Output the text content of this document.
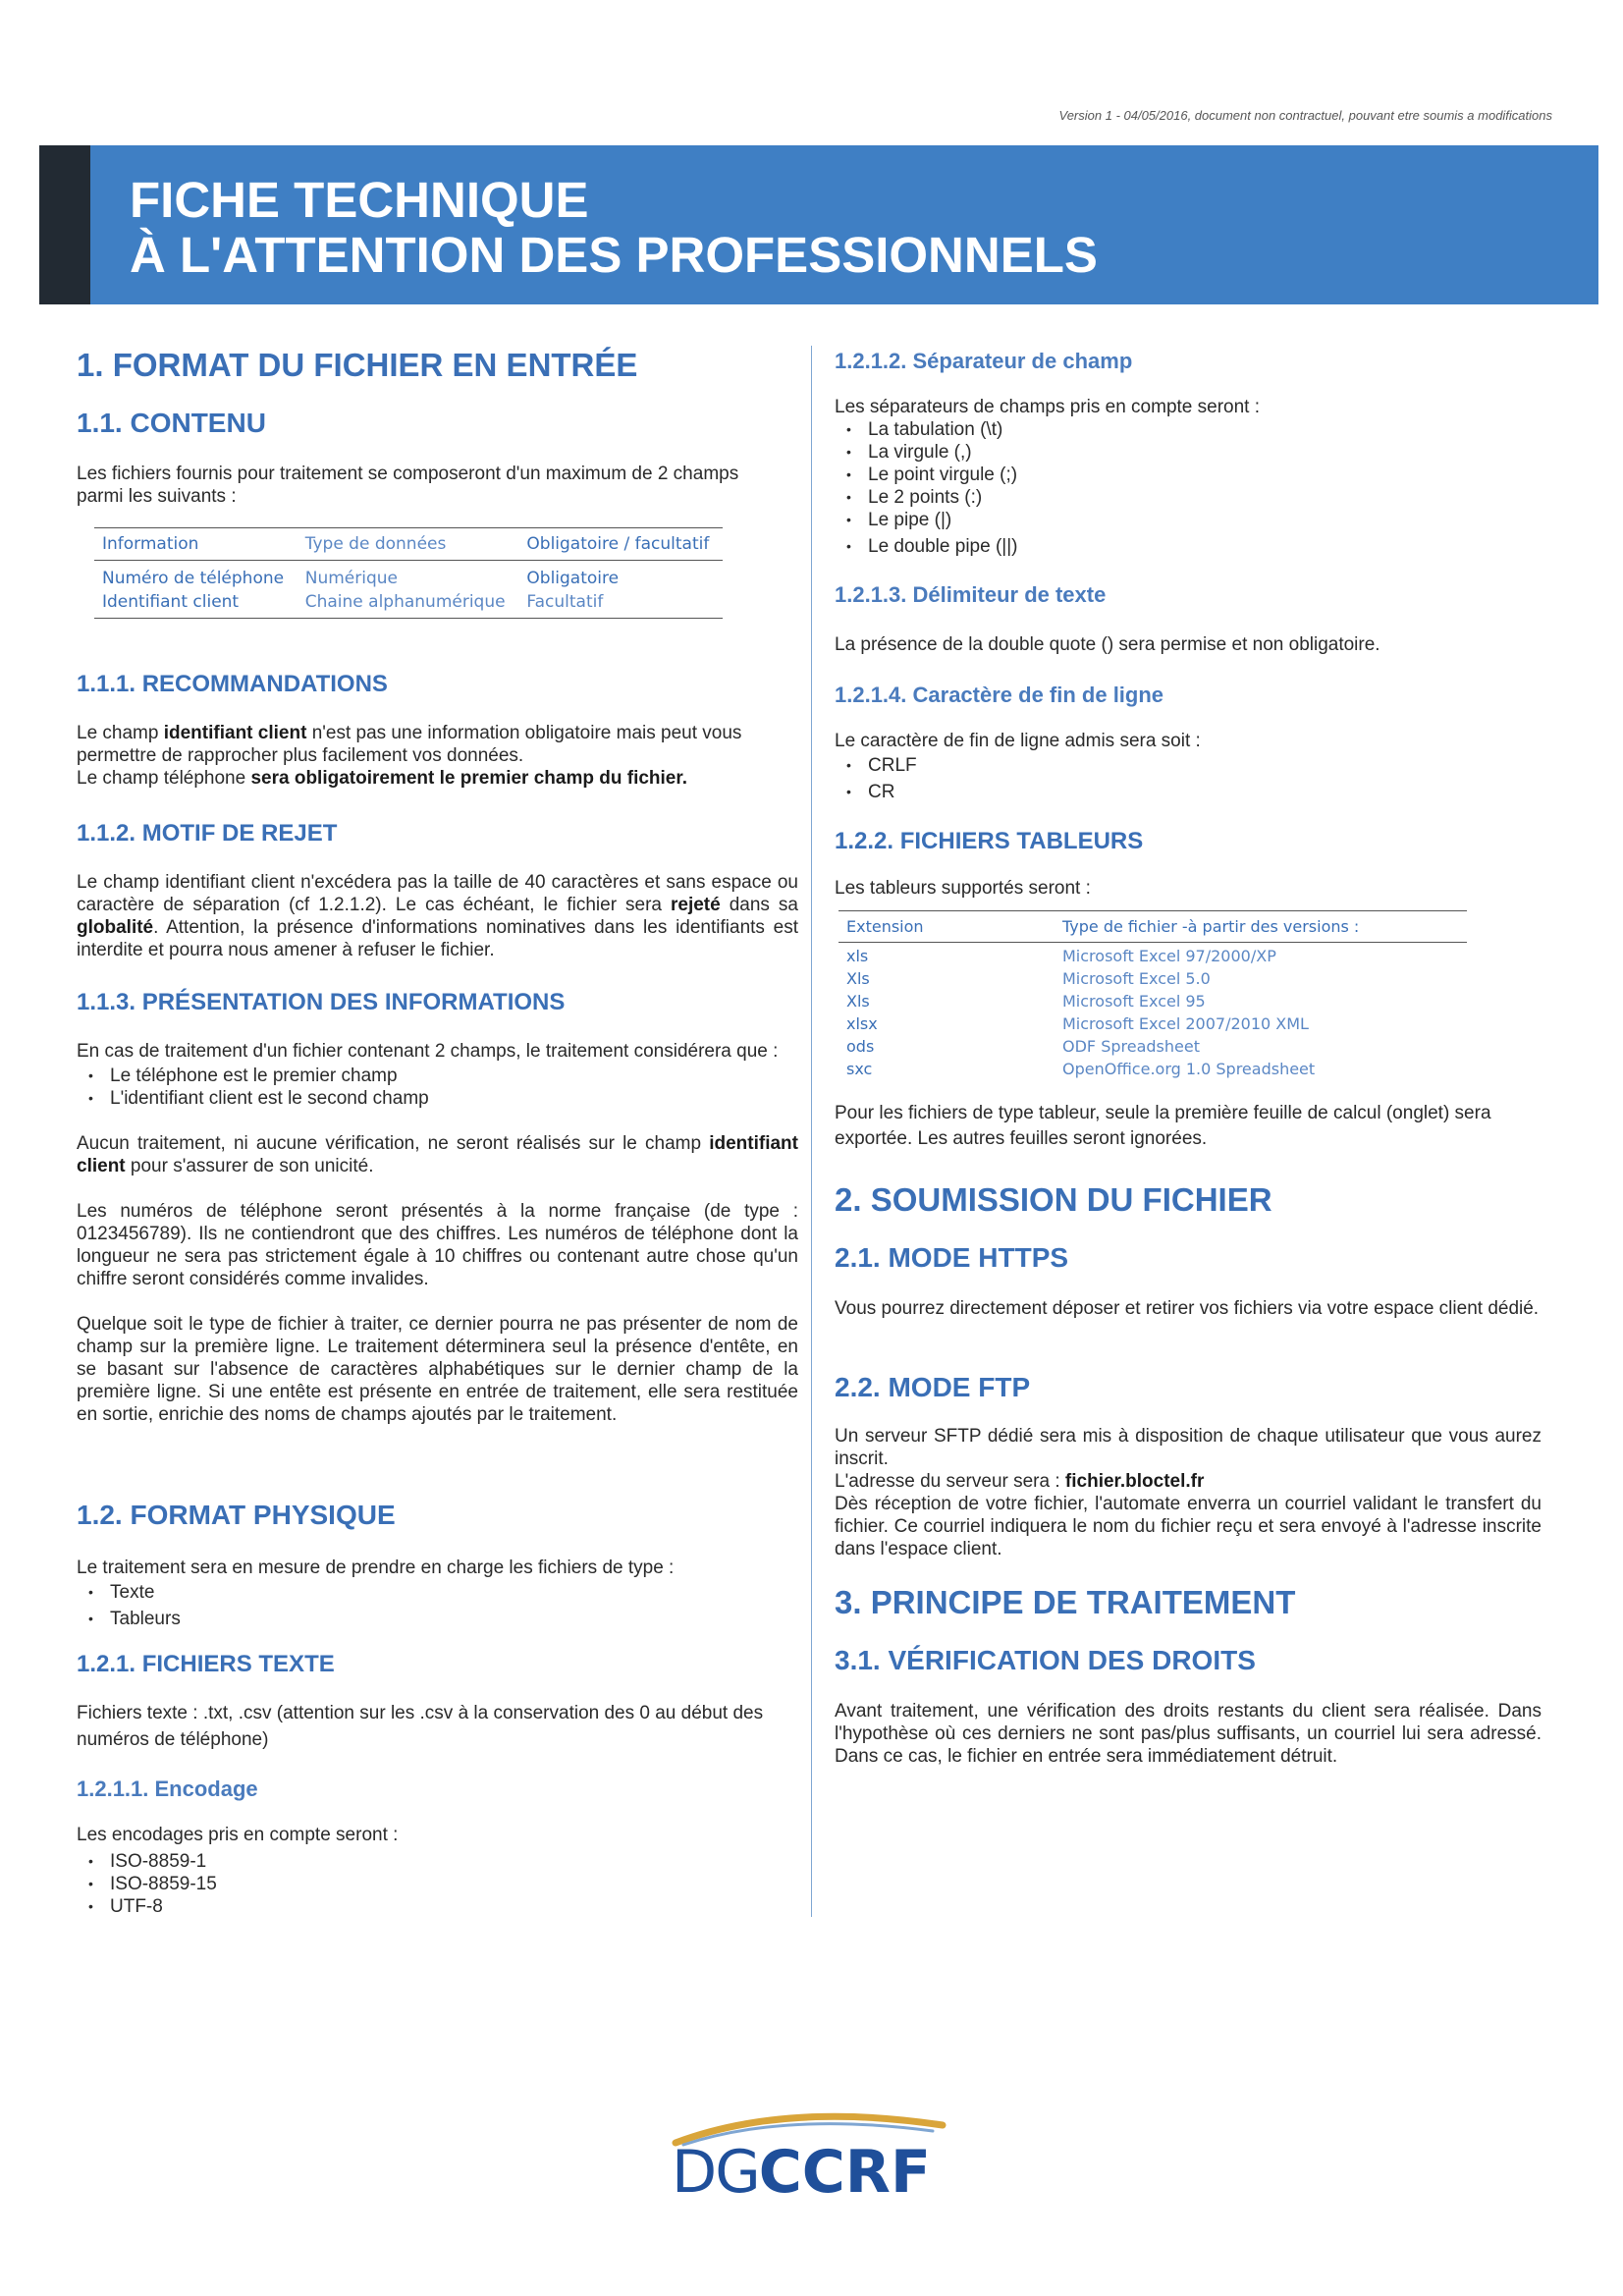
Version 1 - 04/05/2016, document non contractuel, pouvant etre soumis a modifications
FICHE TECHNIQUE
À L'ATTENTION DES PROFESSIONNELS
1. FORMAT DU FICHIER EN ENTRÉE
1.1. CONTENU

Les fichiers fournis pour traitement se composeront d'un maximum de 2 champs parmi les suivants :

Information	Type de données	Obligatoire / facultatif
Numéro de téléphone	Numérique	Obligatoire
Identifiant client	Chaine alphanumérique	Facultatif
1.1.1. RECOMMANDATIONS

Le champ identifiant client n'est pas une information obligatoire mais peut vous permettre de rapprocher plus facilement vos données.

Le champ téléphone sera obligatoirement le premier champ du fichier.

1.1.2. MOTIF DE REJET

Le champ identifiant client n'excédera pas la taille de 40 caractères et sans espace ou caractère de séparation (cf 1.2.1.2). Le cas échéant, le fichier sera rejeté dans sa globalité. Attention, la présence d'informations nominatives dans les identifiants est interdite et pourra nous amener à refuser le fichier.

1.1.3. PRÉSENTATION DES INFORMATIONS

En cas de traitement d'un fichier contenant 2 champs, le traitement considérera que :

• Le téléphone est le premier champ
• L'identifiant client est le second champ

Aucun traitement, ni aucune vérification, ne seront réalisés sur le champ identifiant client pour s'assurer de son unicité.

Les numéros de téléphone seront présentés à la norme française (de type : 0123456789). Ils ne contiendront que des chiffres. Les numéros de téléphone dont la longueur ne sera pas strictement égale à 10 chiffres ou contenant autre chose qu'un chiffre seront considérés comme invalides.

Quelque soit le type de fichier à traiter, ce dernier pourra ne pas présenter de nom de champ sur la première ligne. Le traitement déterminera seul la présence d'entête, en se basant sur l'absence de caractères alphabétiques sur le dernier champ de la première ligne. Si une entête est présente en entrée de traitement, elle sera restituée en sortie, enrichie des noms de champs ajoutés par le traitement.

1.2. FORMAT PHYSIQUE

Le traitement sera en mesure de prendre en charge les fichiers de type :

• Texte
• Tableurs
1.2.1. FICHIERS TEXTE

Fichiers texte : .txt, .csv (attention sur les .csv à la conservation des 0 au début des numéros de téléphone)

1.2.1.1. Encodage

Les encodages pris en compte seront :

• ISO-8859-1
• ISO-8859-15
• UTF-8
1.2.1.2. Séparateur de champ

Les séparateurs de champs pris en compte seront :

• La tabulation (\t)
• La virgule (,)
• Le point virgule (;)
• Le 2 points (:)
• Le pipe (|)
• Le double pipe (||)
1.2.1.3. Délimiteur de texte

La présence de la double quote () sera permise et non obligatoire.

1.2.1.4. Caractère de fin de ligne

Le caractère de fin de ligne admis sera soit :

• CRLF
• CR
1.2.2. FICHIERS TABLEURS

Les tableurs supportés seront :

Extension	Type de fichier -à partir des versions :
xls	Microsoft Excel 97/2000/XP
Xls	Microsoft Excel 5.0
Xls	Microsoft Excel 95
xlsx	Microsoft Excel 2007/2010 XML
ods	ODF Spreadsheet
sxc	OpenOffice.org 1.0 Spreadsheet

Pour les fichiers de type tableur, seule la première feuille de calcul (onglet) sera exportée. Les autres feuilles seront ignorées.

2. SOUMISSION DU FICHIER
2.1. MODE HTTPS

Vous pourrez directement déposer et retirer vos fichiers via votre espace client dédié.

2.2. MODE FTP

Un serveur SFTP dédié sera mis à disposition de chaque utilisateur que vous aurez inscrit.

L'adresse du serveur sera : fichier.bloctel.fr

Dès réception de votre fichier, l'automate enverra un courriel validant le transfert du fichier. Ce courriel indiquera le nom du fichier reçu et sera envoyé à l'adresse inscrite dans l'espace client.

3. PRINCIPE DE TRAITEMENT
3.1. VÉRIFICATION DES DROITS

Avant traitement, une vérification des droits restants du client sera réalisée. Dans l'hypothèse où ces derniers ne sont pas/plus suffisants, un courriel lui sera adressé. Dans ce cas, le fichier en entrée sera immédiatement détruit.

DGCCRF
